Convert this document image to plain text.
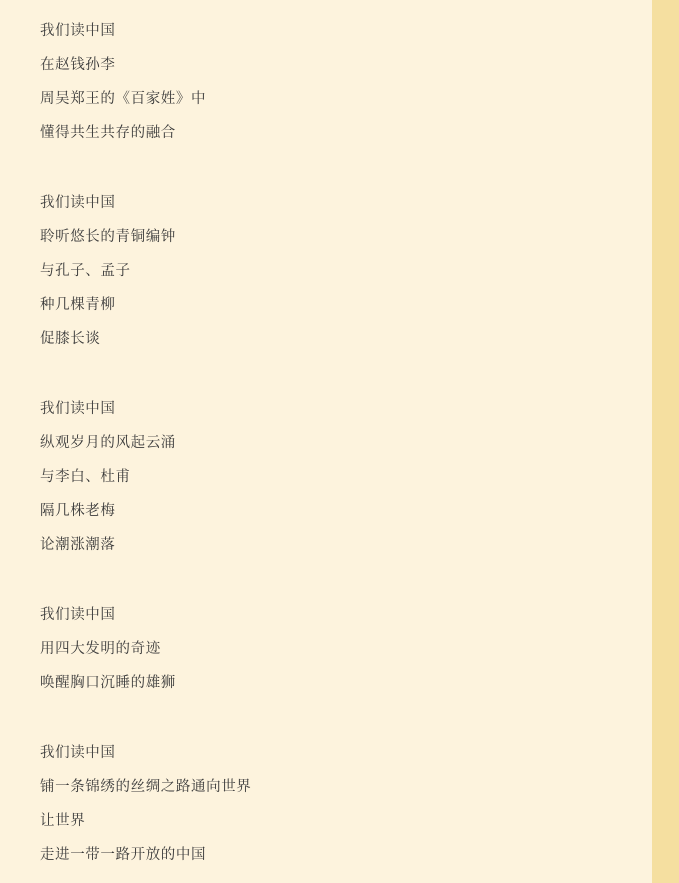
我们读中国
在赵钱孙李
周吴郑王的《百家姓》中
懂得共生共存的融合
我们读中国
聆听悠长的青铜编钟
与孔子、孟子
种几棵青柳
促膝长谈
我们读中国
纵观岁月的风起云涌
与李白、杜甫
隔几株老梅
论潮涨潮落
我们读中国
用四大发明的奇迹
唤醒胸口沉睡的雄狮
我们读中国
铺一条锦绣的丝绸之路通向世界
让世界
走进一带一路开放的中国
